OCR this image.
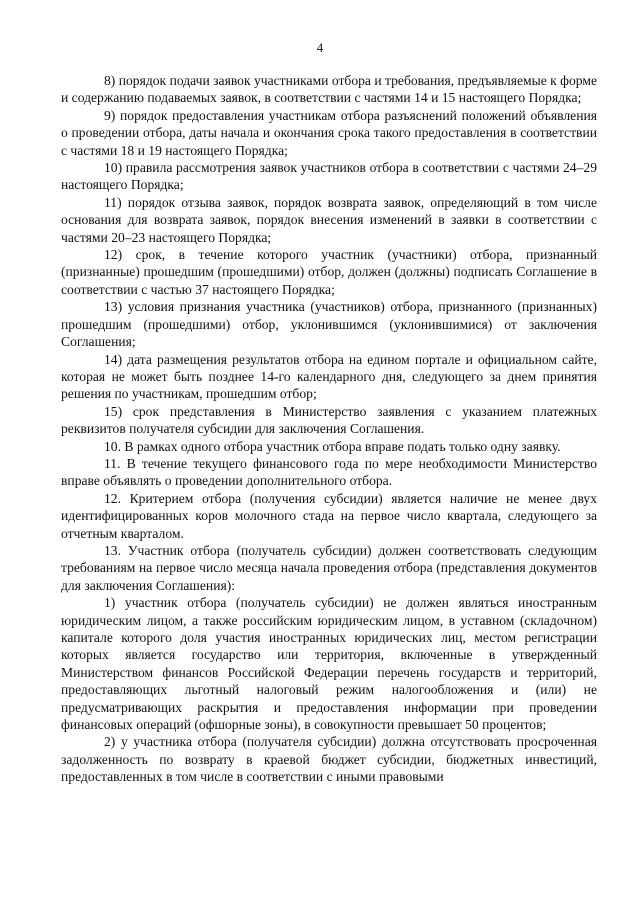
4

8) порядок подачи заявок участниками отбора и требования, предъявляемые к форме и содержанию подаваемых заявок, в соответствии с частями 14 и 15 настоящего Порядка;

9) порядок предоставления участникам отбора разъяснений положений объявления о проведении отбора, даты начала и окончания срока такого предоставления в соответствии с частями 18 и 19 настоящего Порядка;

10) правила рассмотрения заявок участников отбора в соответствии с частями 24–29 настоящего Порядка;

11) порядок отзыва заявок, порядок возврата заявок, определяющий в том числе основания для возврата заявок, порядок внесения изменений в заявки в соответствии с частями 20–23 настоящего Порядка;

12) срок, в течение которого участник (участники) отбора, признанный (признанные) прошедшим (прошедшими) отбор, должен (должны) подписать Соглашение в соответствии с частью 37 настоящего Порядка;

13) условия признания участника (участников) отбора, признанного (признанных) прошедшим (прошедшими) отбор, уклонившимся (уклонившимися) от заключения Соглашения;

14) дата размещения результатов отбора на едином портале и официальном сайте, которая не может быть позднее 14-го календарного дня, следующего за днем принятия решения по участникам, прошедшим отбор;

15) срок представления в Министерство заявления с указанием платежных реквизитов получателя субсидии для заключения Соглашения.

10. В рамках одного отбора участник отбора вправе подать только одну заявку.

11. В течение текущего финансового года по мере необходимости Министерство вправе объявлять о проведении дополнительного отбора.

12. Критерием отбора (получения субсидии) является наличие не менее двух идентифицированных коров молочного стада на первое число квартала, следующего за отчетным кварталом.

13. Участник отбора (получатель субсидии) должен соответствовать следующим требованиям на первое число месяца начала проведения отбора (представления документов для заключения Соглашения):

1) участник отбора (получатель субсидии) не должен являться иностранным юридическим лицом, а также российским юридическим лицом, в уставном (складочном) капитале которого доля участия иностранных юридических лиц, местом регистрации которых является государство или территория, включенные в утвержденный Министерством финансов Российской Федерации перечень государств и территорий, предоставляющих льготный налоговый режим налогообложения и (или) не предусматривающих раскрытия и предоставления информации при проведении финансовых операций (офшорные зоны), в совокупности превышает 50 процентов;

2) у участника отбора (получателя субсидии) должна отсутствовать просроченная задолженность по возврату в краевой бюджет субсидии, бюджетных инвестиций, предоставленных в том числе в соответствии с иными правовыми
